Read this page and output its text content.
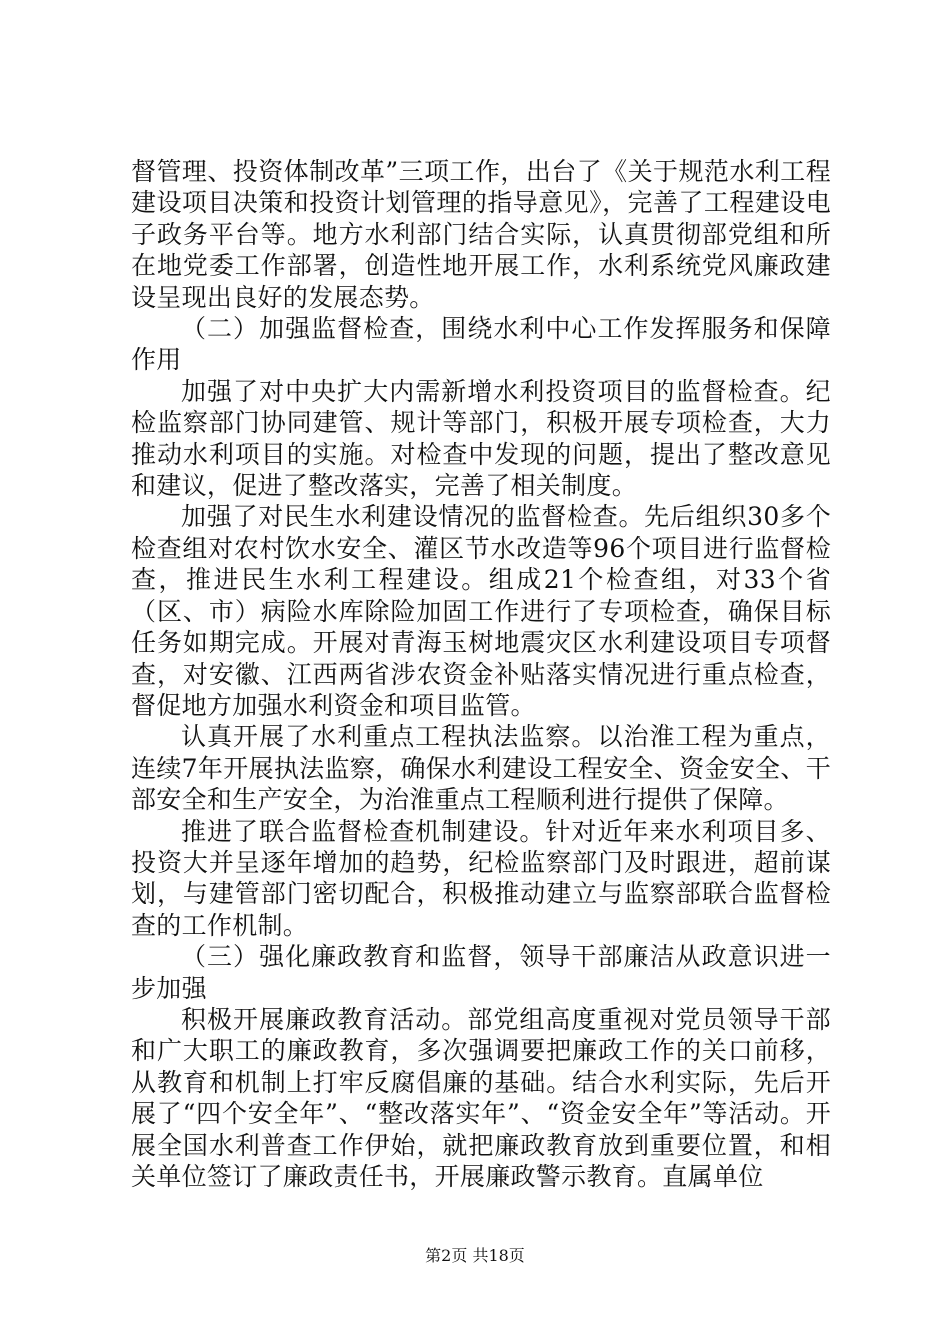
督管理、投资体制改革”三项工作，出台了《关于规范水利工程建设项目决策和投资计划管理的指导意见》，完善了工程建设电子政务平台等。地方水利部门结合实际，认真贯彻部党组和所在地党委工作部署，创造性地开展工作，水利系统党风廉政建设呈现出良好的发展态势。

（二）加强监督检查，围绕水利中心工作发挥服务和保障作用

加强了对中央扩大内需新增水利投资项目的监督检查。纪检监察部门协同建管、规计等部门，积极开展专项检查，大力推动水利项目的实施。对检查中发现的问题，提出了整改意见和建议，促进了整改落实，完善了相关制度。

加强了对民生水利建设情况的监督检查。先后组织30多个检查组对农村饮水安全、灌区节水改造等96个项目进行监督检查，推进民生水利工程建设。组成21个检查组，对33个省（区、市）病险水库除险加固工作进行了专项检查，确保目标任务如期完成。开展对青海玉树地震灾区水利建设项目专项督查，对安徽、江西两省涉农资金补贴落实情况进行重点检查，督促地方加强水利资金和项目监管。

认真开展了水利重点工程执法监察。以治淮工程为重点，连续7年开展执法监察，确保水利建设工程安全、资金安全、干部安全和生产安全，为治淮重点工程顺利进行提供了保障。

推进了联合监督检查机制建设。针对近年来水利项目多、投资大并呈逐年增加的趋势，纪检监察部门及时跟进，超前谋划，与建管部门密切配合，积极推动建立与监察部联合监督检查的工作机制。

（三）强化廉政教育和监督，领导干部廉洁从政意识进一步加强

积极开展廉政教育活动。部党组高度重视对党员领导干部和广大职工的廉政教育，多次强调要把廉政工作的关口前移，从教育和机制上打牢反腐倡廉的基础。结合水利实际，先后开展了“四个安全年”、“整改落实年”、“资金安全年”等活动。开展全国水利普查工作伊始，就把廉政教育放到重要位置，和相关单位签订了廉政责任书，开展廉政警示教育。直属单位

第2页 共18页
